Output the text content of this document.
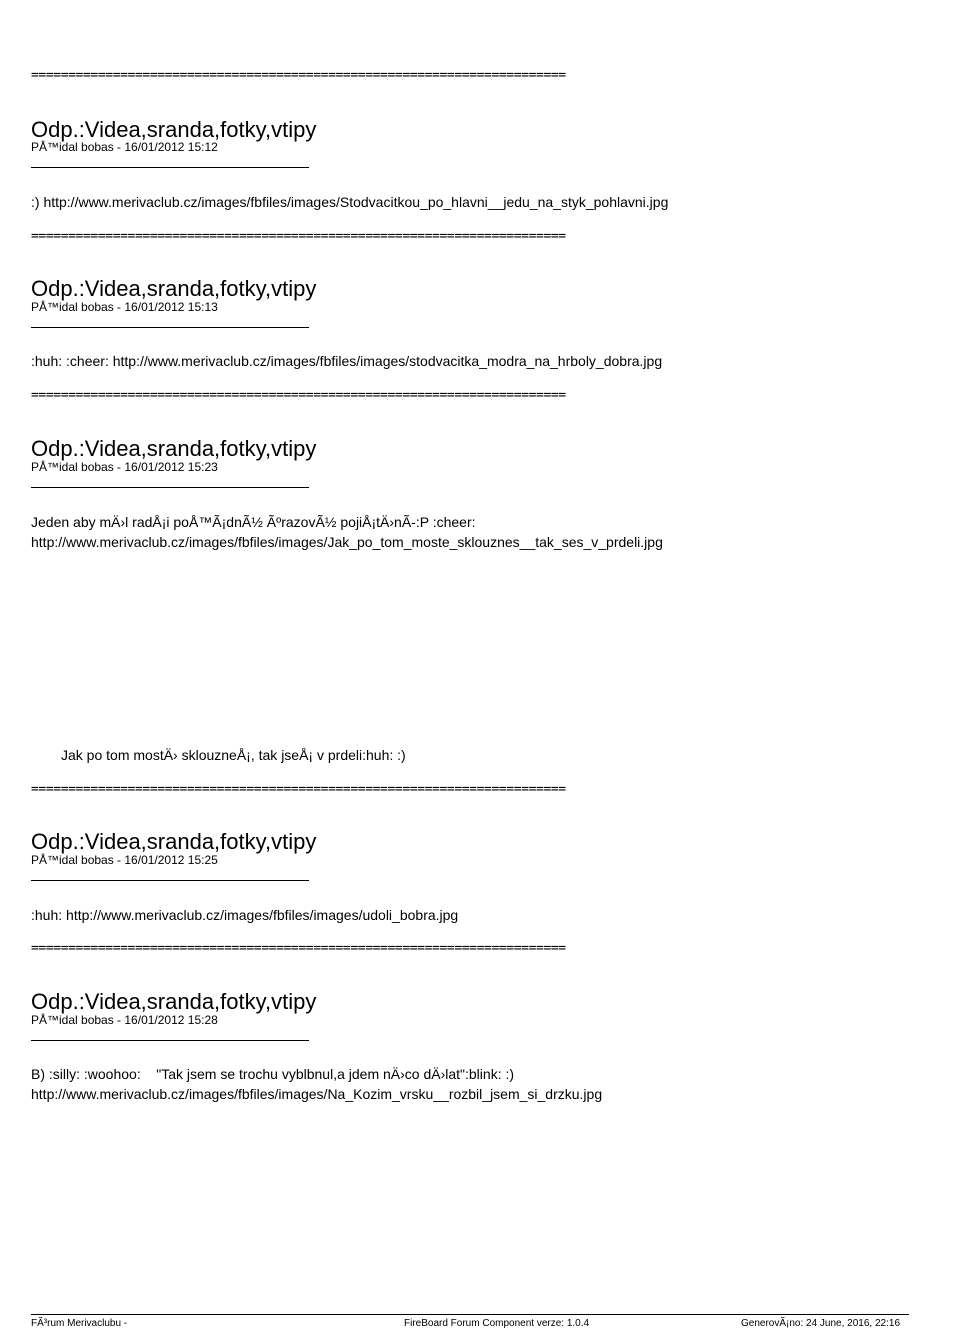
========================================================================
Odp.:Videa,sranda,fotky,vtipy
PÅ™idal bobas - 16/01/2012 15:12
:) http://www.merivaclub.cz/images/fbfiles/images/Stodvacitkou_po_hlavni__jedu_na_styk_pohlavni.jpg
========================================================================
Odp.:Videa,sranda,fotky,vtipy
PÅ™idal bobas - 16/01/2012 15:13
:huh: :cheer: http://www.merivaclub.cz/images/fbfiles/images/stodvacitka_modra_na_hrboly_dobra.jpg
========================================================================
Odp.:Videa,sranda,fotky,vtipy
PÅ™idal bobas - 16/01/2012 15:23
Jeden aby mÄ›l radÅ¡i poÅ™Ã¡dnÃ½ ÃºrazovÃ½ pojiÅ¡tÄ›nÃ-:P :cheer:
http://www.merivaclub.cz/images/fbfiles/images/Jak_po_tom_moste_sklouznes__tak_ses_v_prdeli.jpg
Jak po tom mostÄ› sklouzneÅ¡, tak jseÅ¡ v prdeli:huh: :)
========================================================================
Odp.:Videa,sranda,fotky,vtipy
PÅ™idal bobas - 16/01/2012 15:25
:huh: http://www.merivaclub.cz/images/fbfiles/images/udoli_bobra.jpg
========================================================================
Odp.:Videa,sranda,fotky,vtipy
PÅ™idal bobas - 16/01/2012 15:28
B) :silly: :woohoo:    "Tak jsem se trochu vyblbnul,a jdem nÄ›co dÄ›lat":blink: :)
http://www.merivaclub.cz/images/fbfiles/images/Na_Kozim_vrsku__rozbil_jsem_si_drzku.jpg
FÃ³rum Merivaclubu -	FireBoard Forum Component verze: 1.0.4	GenerovÃ¡no: 24 June, 2016, 22:16
